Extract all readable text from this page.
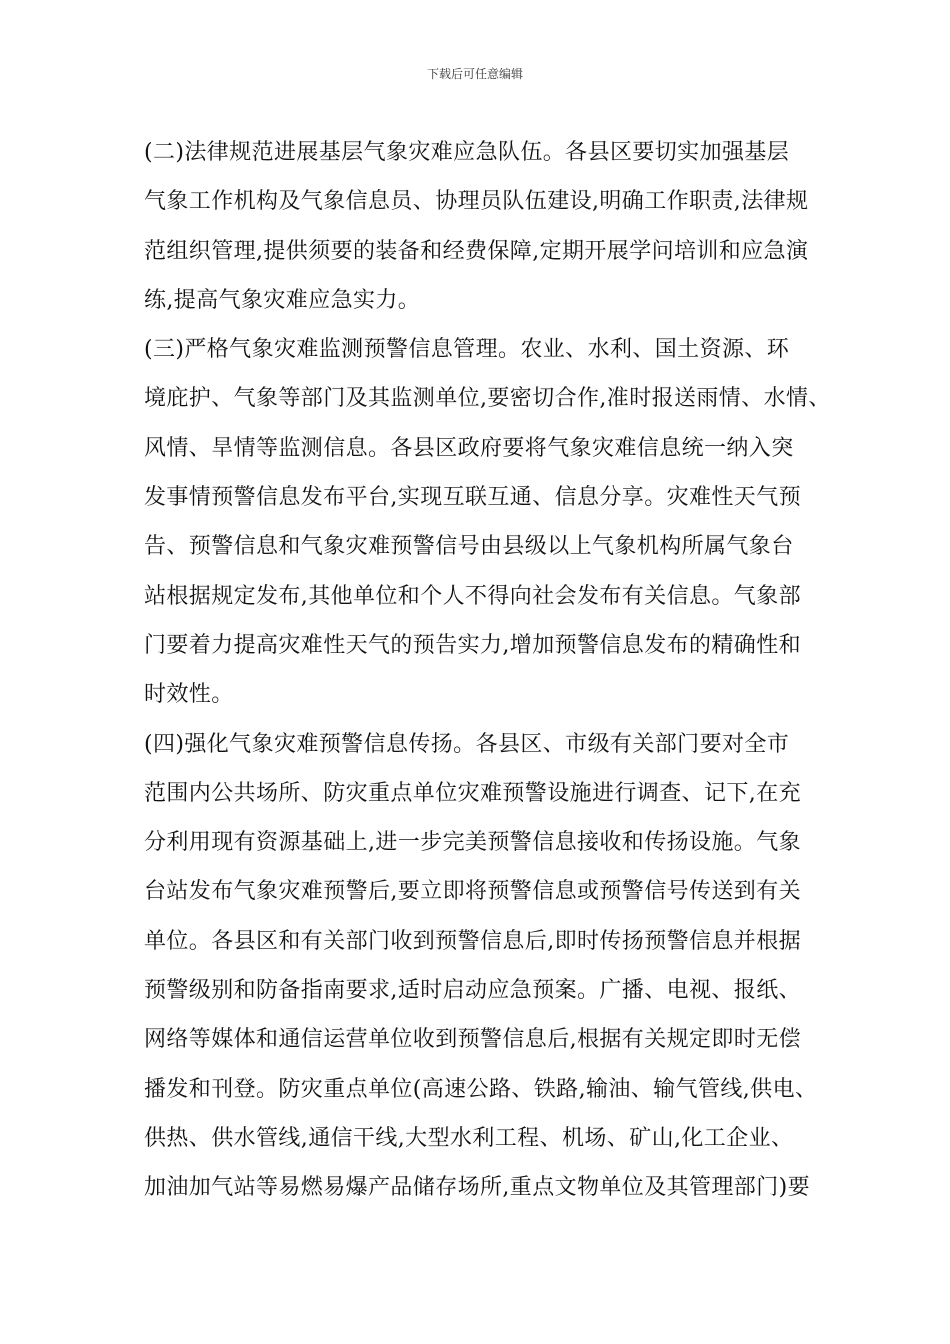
下载后可任意编辑

(二)法律规范进展基层气象灾难应急队伍。各县区要切实加强基层
气象工作机构及气象信息员、协理员队伍建设,明确工作职责,法律规
范组织管理,提供须要的装备和经费保障,定期开展学问培训和应急演
练,提高气象灾难应急实力。

(三)严格气象灾难监测预警信息管理。农业、水利、国土资源、环
境庇护、气象等部门及其监测单位,要密切合作,准时报送雨情、水情、
风情、旱情等监测信息。各县区政府要将气象灾难信息统一纳入突
发事情预警信息发布平台,实现互联互通、信息分享。灾难性天气预
告、预警信息和气象灾难预警信号由县级以上气象机构所属气象台
站根据规定发布,其他单位和个人不得向社会发布有关信息。气象部
门要着力提高灾难性天气的预告实力,增加预警信息发布的精确性和
时效性。

(四)强化气象灾难预警信息传扬。各县区、市级有关部门要对全市
范围内公共场所、防灾重点单位灾难预警设施进行调查、记下,在充
分利用现有资源基础上,进一步完美预警信息接收和传扬设施。气象
台站发布气象灾难预警后,要立即将预警信息或预警信号传送到有关
单位。各县区和有关部门收到预警信息后,即时传扬预警信息并根据
预警级别和防备指南要求,适时启动应急预案。广播、电视、报纸、
网络等媒体和通信运营单位收到预警信息后,根据有关规定即时无偿
播发和刊登。防灾重点单位(高速公路、铁路,输油、输气管线,供电、
供热、供水管线,通信干线,大型水利工程、机场、矿山,化工企业、
加油加气站等易燃易爆产品储存场所,重点文物单位及其管理部门)要
